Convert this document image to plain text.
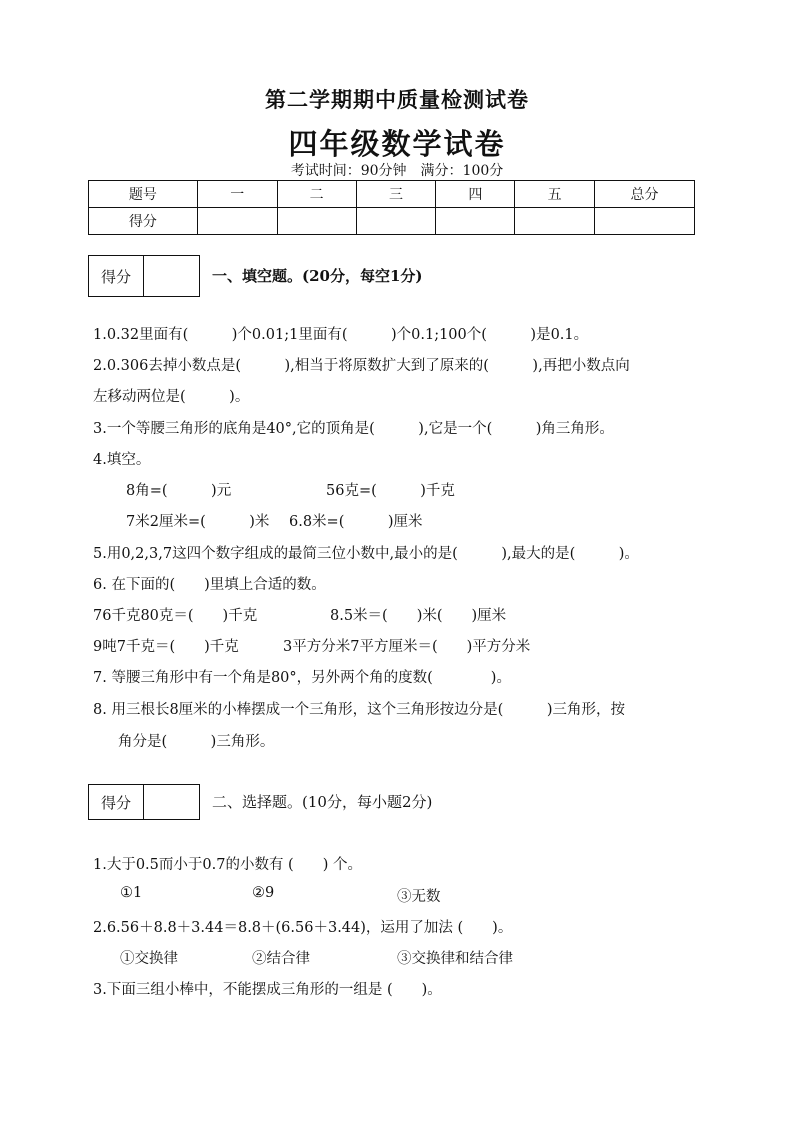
第二学期期中质量检测试卷
四年级数学试卷
考试时间：90分钟　满分：100分
题号	一	二	三	四	五	总分
得分						
得分	一、填空题。(20分，每空1分)
1.0.32里面有(　　　)个0.01;1里面有(　　　)个0.1;100个(　　　)是0.1。
2.0.306去掉小数点是(　　　),相当于将原数扩大到了原来的(　　　),再把小数点向
左移动两位是(　　　)。
3.一个等腰三角形的底角是40°,它的顶角是(　　　),它是一个(　　　)角三角形。
4.填空。
8角=(　　　)元	56克=(　　　)千克
7米2厘米=(　　　)米 6.8米=(　　　)厘米
5.用0,2,3,7这四个数字组成的最简三位小数中,最小的是(　　　),最大的是(　　　)。
6. 在下面的(　　)里填上合适的数。
76千克80克＝(　　)千克	8.5米＝(　　)米(　　)厘米
9吨7千克＝(　　)千克	3平方分米7平方厘米＝(　　)平方分米
7. 等腰三角形中有一个角是80°，另外两个角的度数(　　　　)。
8. 用三根长8厘米的小棒摆成一个三角形，这个三角形按边分是(　　　)三角形，按
角分是(　　　)三角形。
得分	二、选择题。(10分，每小题2分)
1.大于0.5而小于0.7的小数有 (　　) 个。
①1	②9	③无数
2.6.56＋8.8＋3.44＝8.8＋(6.56＋3.44)，运用了加法 (　　)。
①交换律	②结合律	③交换律和结合律
3.下面三组小棒中，不能摆成三角形的一组是 (　　)。
